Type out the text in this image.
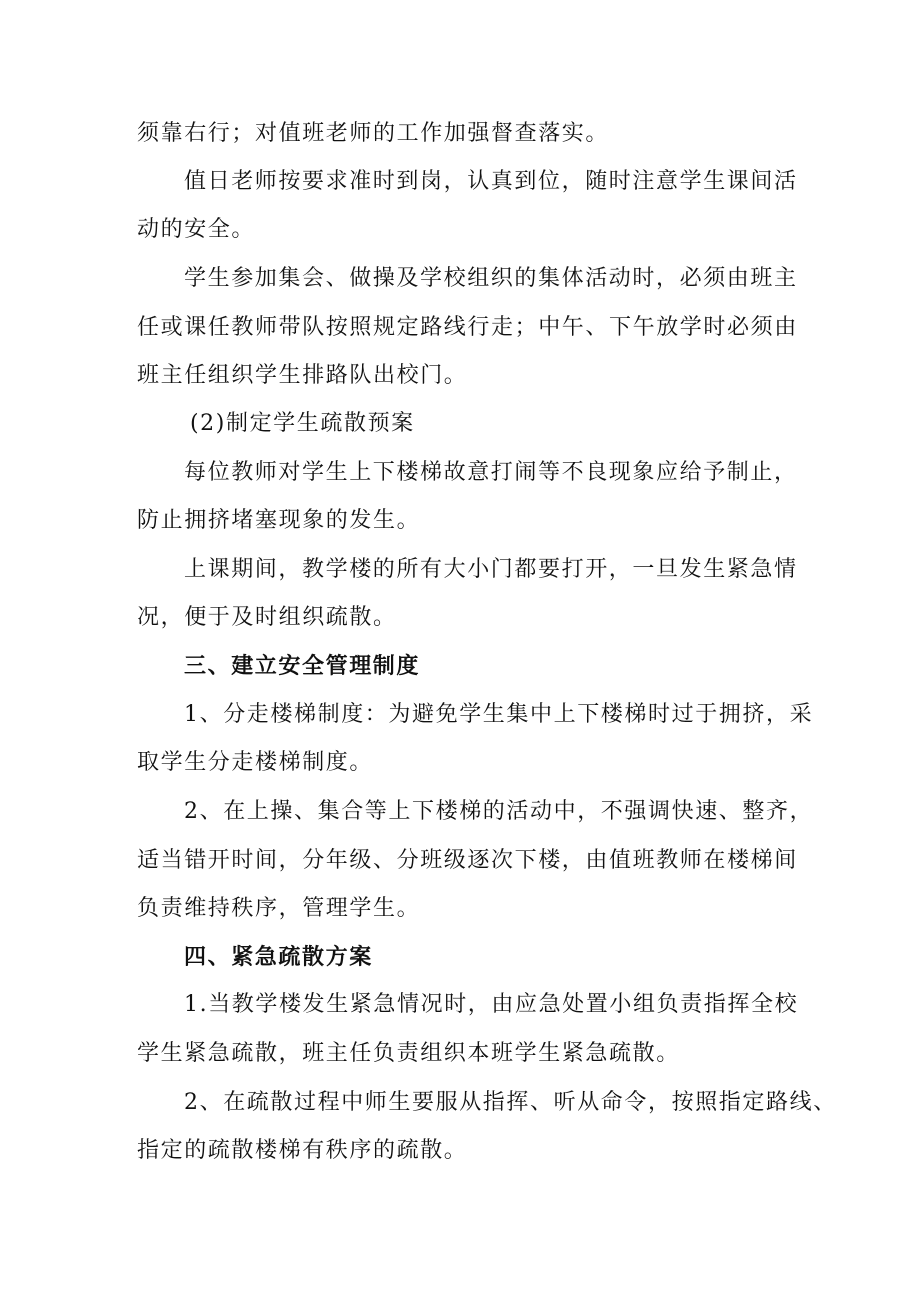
须靠右行；对值班老师的工作加强督查落实。
值日老师按要求准时到岗，认真到位，随时注意学生课间活
动的安全。
学生参加集会、做操及学校组织的集体活动时，必须由班主
任或课任教师带队按照规定路线行走；中午、下午放学时必须由
班主任组织学生排路队出校门。
(2)制定学生疏散预案
每位教师对学生上下楼梯故意打闹等不良现象应给予制止，
防止拥挤堵塞现象的发生。
上课期间，教学楼的所有大小门都要打开，一旦发生紧急情
况，便于及时组织疏散。
三、建立安全管理制度
1、分走楼梯制度：为避免学生集中上下楼梯时过于拥挤，采
取学生分走楼梯制度。
2、在上操、集合等上下楼梯的活动中，不强调快速、整齐，
适当错开时间，分年级、分班级逐次下楼，由值班教师在楼梯间
负责维持秩序，管理学生。
四、紧急疏散方案
1.当教学楼发生紧急情况时，由应急处置小组负责指挥全校
学生紧急疏散，班主任负责组织本班学生紧急疏散。
2、在疏散过程中师生要服从指挥、听从命令，按照指定路线、
指定的疏散楼梯有秩序的疏散。
